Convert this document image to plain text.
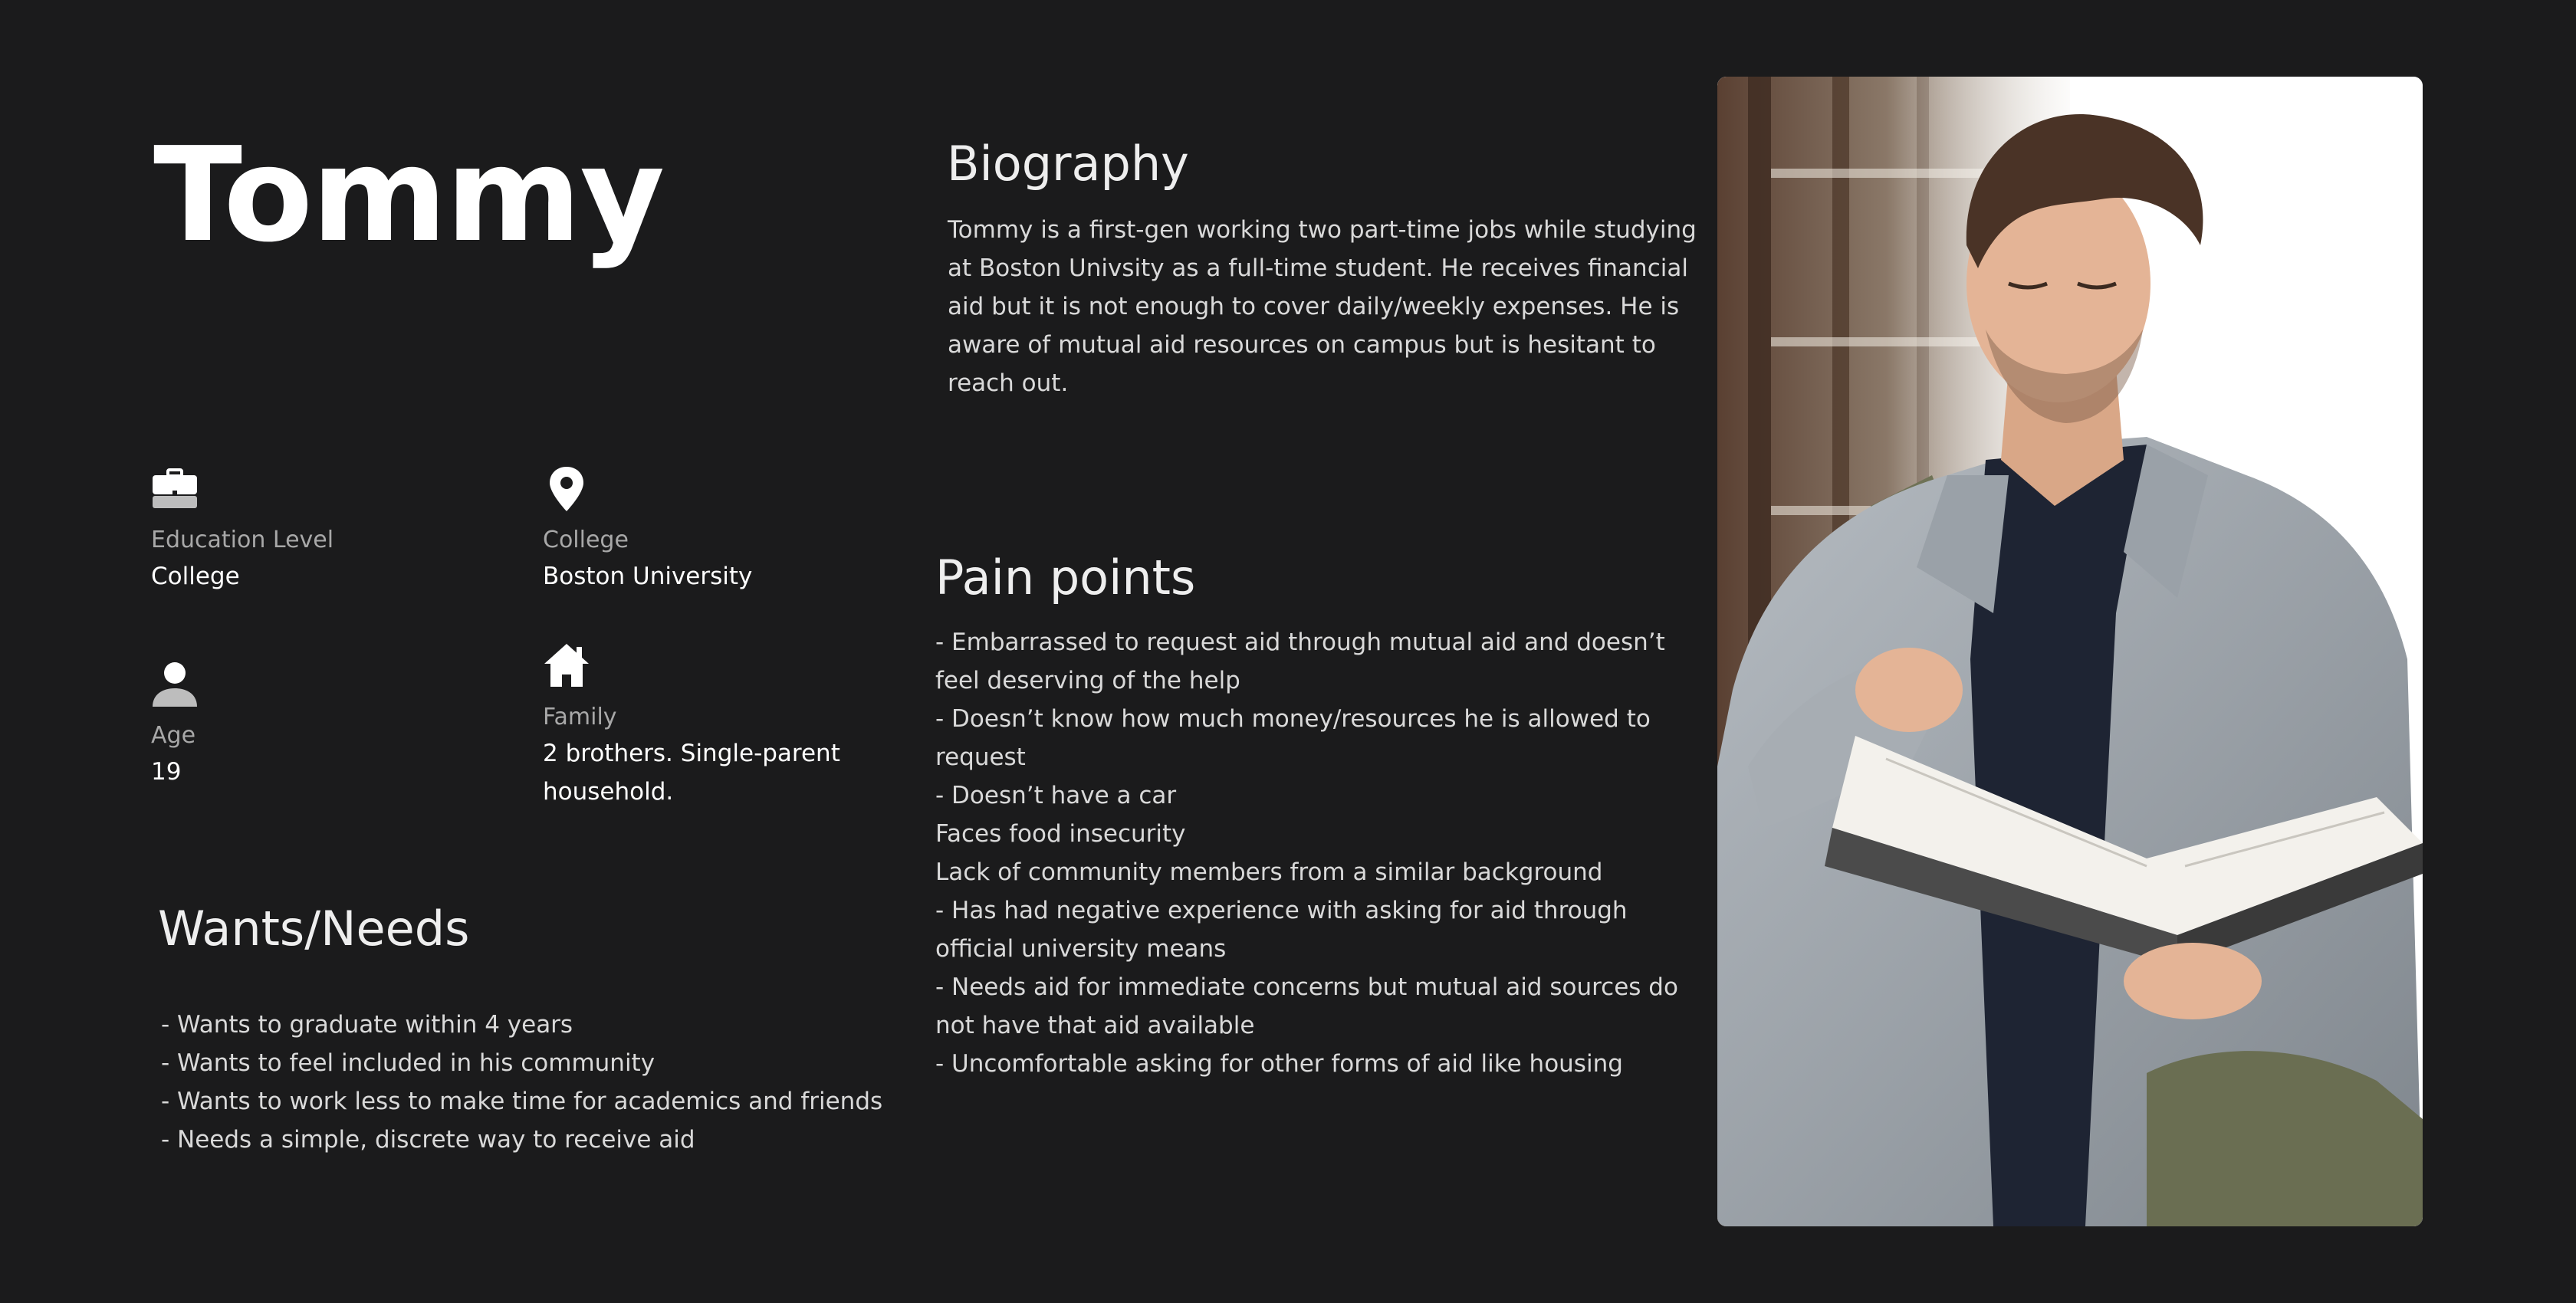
Tommy	Biography
Tommy is a first-gen working two part-time jobs while studying
at Boston Univsity as a full-time student. He receives financial
aid but it is not enough to cover daily/weekly expenses. He is
aware of mutual aid resources on campus but is hesitant to
reach out.
Education Level
College
College
Boston University
Age
19
Family
2 brothers. Single-parent
household.
Pain points
- Embarrassed to request aid through mutual aid and doesn’t
feel deserving of the help
- Doesn’t know how much money/resources he is allowed to
request
- Doesn’t have a car
Faces food insecurity
Lack of community members from a similar background
- Has had negative experience with asking for aid through
official university means
- Needs aid for immediate concerns but mutual aid sources do
not have that aid available
- Uncomfortable asking for other forms of aid like housing
Wants/Needs
- Wants to graduate within 4 years
- Wants to feel included in his community
- Wants to work less to make time for academics and friends
- Needs a simple, discrete way to receive aid
